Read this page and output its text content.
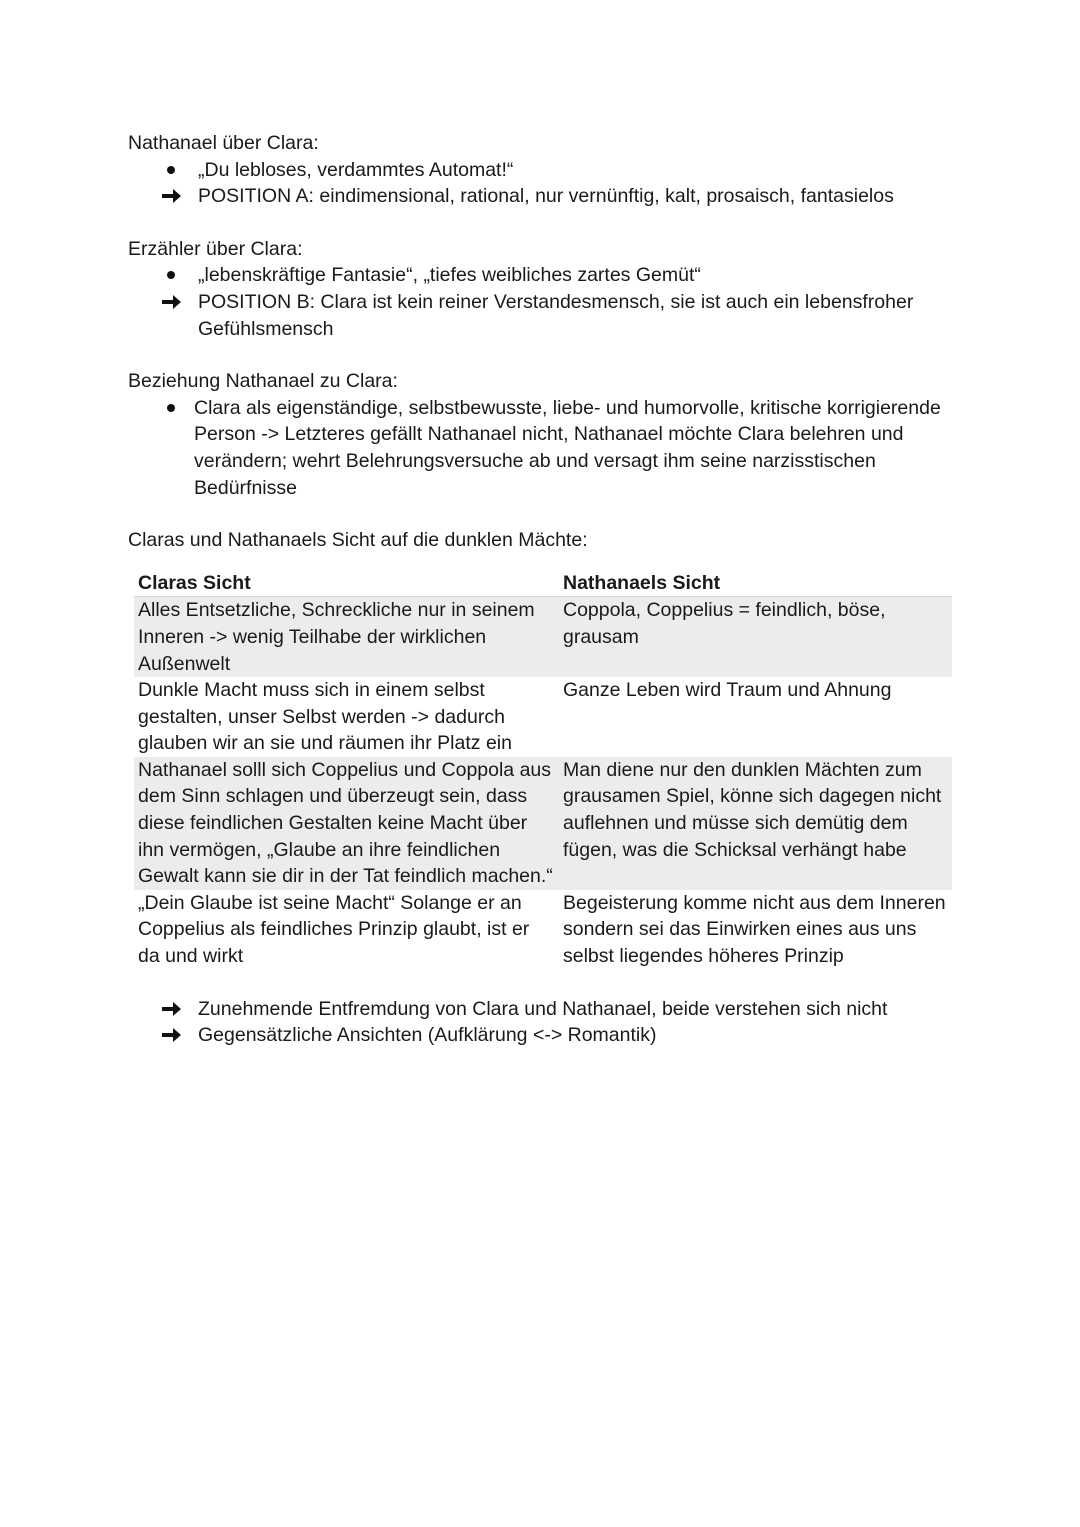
Nathanael über Clara:

„Du lebloses, verdammtes Automat!“
POSITION A: eindimensional, rational, nur vernünftig, kalt, prosaisch, fantasielos

Erzähler über Clara:

„lebenskräftige Fantasie“, „tiefes weibliches zartes Gemüt“
POSITION B: Clara ist kein reiner Verstandesmensch, sie ist auch ein lebensfroher Gefühlsmensch

Beziehung Nathanael zu Clara:

Clara als eigenständige, selbstbewusste, liebe- und humorvolle, kritische korrigierende Person -> Letzteres gefällt Nathanael nicht, Nathanael möchte Clara belehren und verändern; wehrt Belehrungsversuche ab und versagt ihm seine narzisstischen Bedürfnisse

Claras und Nathanaels Sicht auf die dunklen Mächte:

Claras Sicht	Nathanaels Sicht
Alles Entsetzliche, Schreckliche nur in seinem Inneren -> wenig Teilhabe der wirklichen Außenwelt	Coppola, Coppelius = feindlich, böse, grausam
Dunkle Macht muss sich in einem selbst gestalten, unser Selbst werden -> dadurch glauben wir an sie und räumen ihr Platz ein	Ganze Leben wird Traum und Ahnung
Nathanael solll sich Coppelius und Coppola aus dem Sinn schlagen und überzeugt sein, dass diese feindlichen Gestalten keine Macht über ihn vermögen, „Glaube an ihre feindlichen Gewalt kann sie dir in der Tat feindlich machen.“	Man diene nur den dunklen Mächten zum grausamen Spiel, könne sich dagegen nicht auflehnen und müsse sich demütig dem fügen, was die Schicksal verhängt habe
„Dein Glaube ist seine Macht“ Solange er an Coppelius als feindliches Prinzip glaubt, ist er da und wirkt	Begeisterung komme nicht aus dem Inneren sondern sei das Einwirken eines aus uns selbst liegendes höheres Prinzip
Zunehmende Entfremdung von Clara und Nathanael, beide verstehen sich nicht
Gegensätzliche Ansichten (Aufklärung <-> Romantik)
